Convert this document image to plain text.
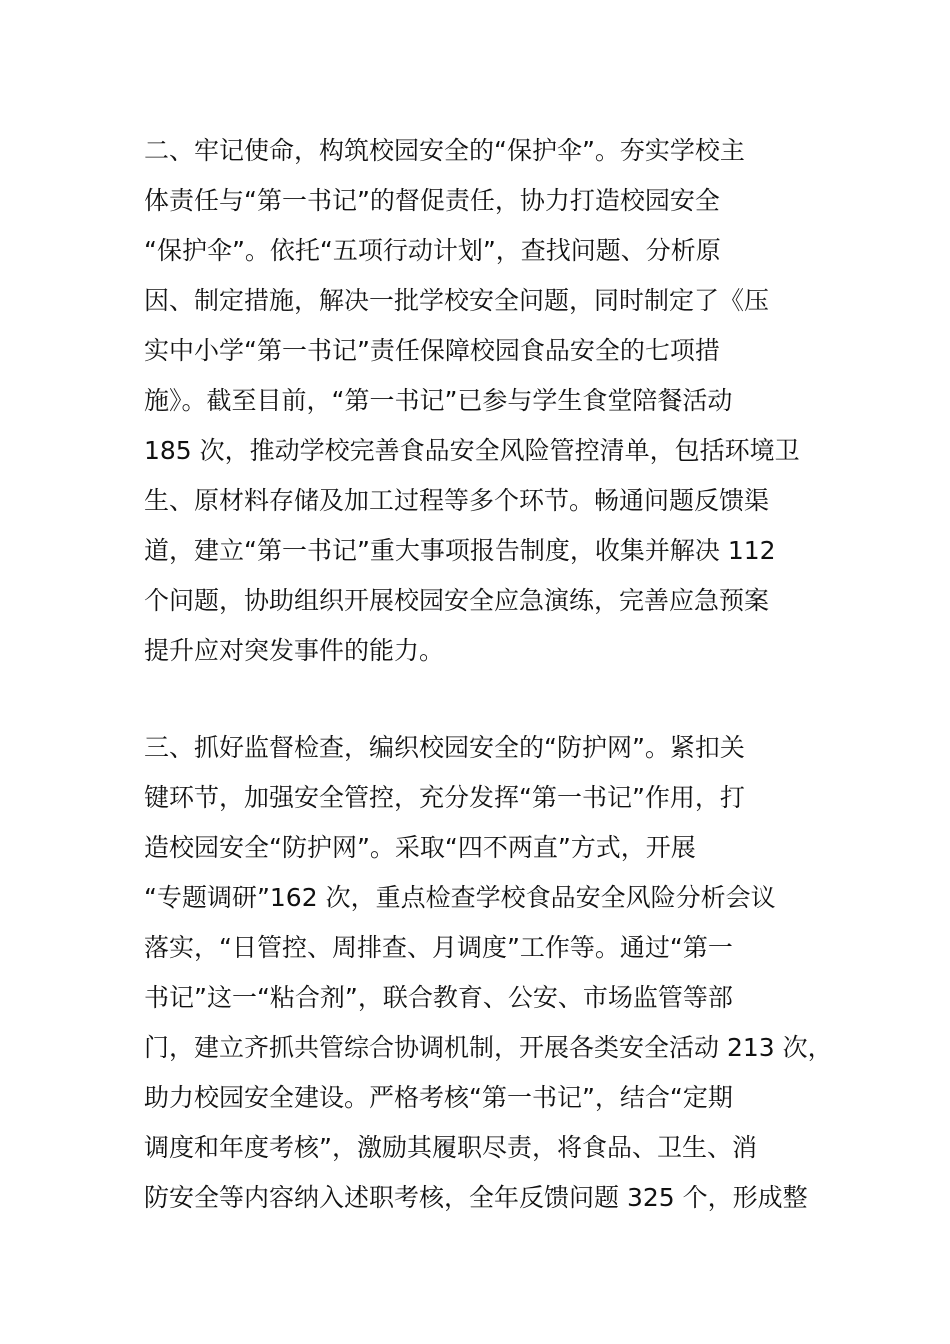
二、牢记使命，构筑校园安全的“保护伞”。夯实学校主
体责任与“第一书记”的督促责任，协力打造校园安全
“保护伞”。依托“五项行动计划”，查找问题、分析原
因、制定措施，解决一批学校安全问题，同时制定了《压
实中小学“第一书记”责任保障校园食品安全的七项措
施》。截至目前，“第一书记”已参与学生食堂陪餐活动
185 次，推动学校完善食品安全风险管控清单，包括环境卫
生、原材料存储及加工过程等多个环节。畅通问题反馈渠
道，建立“第一书记”重大事项报告制度，收集并解决 112
个问题，协助组织开展校园安全应急演练，完善应急预案
提升应对突发事件的能力。
三、抓好监督检查，编织校园安全的“防护网”。紧扣关
键环节，加强安全管控，充分发挥“第一书记”作用，打
造校园安全“防护网”。采取“四不两直”方式，开展
“专题调研”162 次，重点检查学校食品安全风险分析会议
落实，“日管控、周排查、月调度”工作等。通过“第一
书记”这一“粘合剂”，联合教育、公安、市场监管等部
门，建立齐抓共管综合协调机制，开展各类安全活动 213 次，
助力校园安全建设。严格考核“第一书记”，结合“定期
调度和年度考核”，激励其履职尽责，将食品、卫生、消
防安全等内容纳入述职考核，全年反馈问题 325 个，形成整
